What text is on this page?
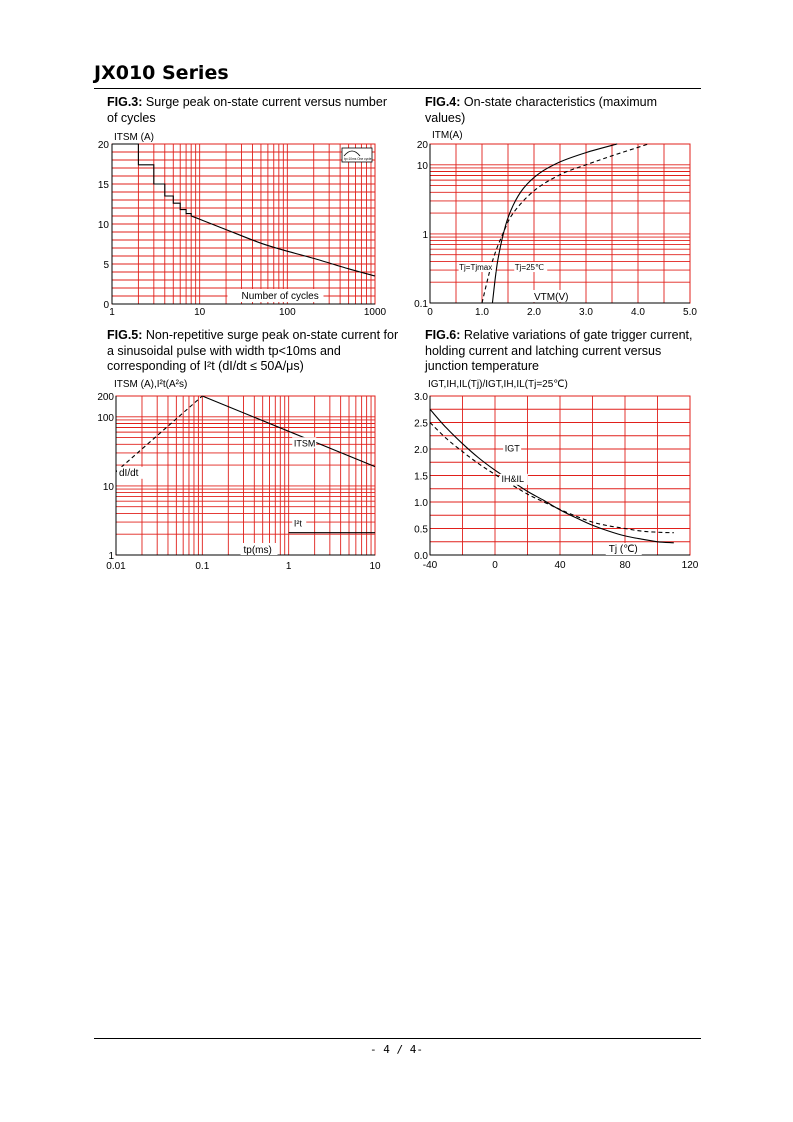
JX010 Series
FIG.3: Surge peak on-state current versus number of cycles
FIG.4: On-state characteristics (maximum values)
FIG.5: Non-repetitive surge peak on-state current for a sinusoidal pulse with width tp<10ms and corresponding of I²t (dI/dt ≤ 50A/μs)
FIG.6: Relative variations of gate trigger current, holding current and latching current versus junction temperature
1	10	100	1000
0
5
10
15
20
ITSM (A)
Number of cycles
tp=10ms One cycle
0	1.0	2.0	3.0	4.0	5.0
0.1
1
10
20
ITM(A)
VTM(V)
Tj=Tjmax	Tj=25℃
0.01	0.1	1	10
1
10
100
200
ITSM (A),I²t(A²s)
tp(ms)
dI/dt
ITSM
I²t
-40	0	40	80	120
0.0
0.5
1.0
1.5
2.0
2.5
3.0
IGT,IH,IL(Tj)/IGT,IH,IL(Tj=25℃)
Tj (℃)
IGT
IH&IL
- 4 / 4-
